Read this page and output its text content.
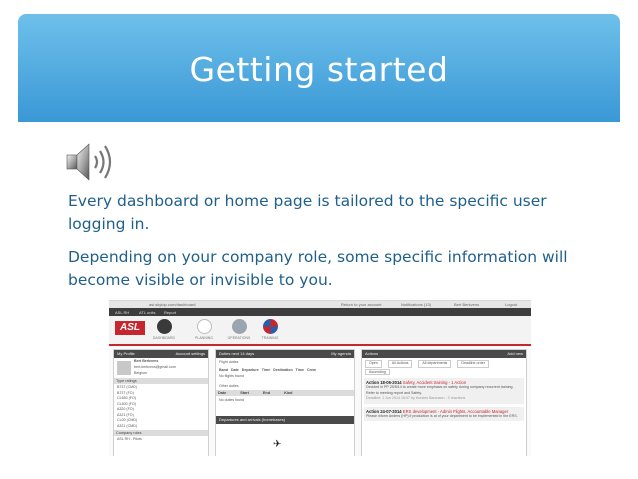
Getting started
Every dashboard or home page is tailored to the specific user logging in.
Depending on your company role, some specific information will become visible or invisible to you.
asl.skytop.com/dashboard	Return to your account	Notifications (13)	Bert Berkvens	Logout
ASL RH ATL units Report
ASL
DASHBOARD	PLANNING	OPERATIONS	TRAINING
My Profile	Account settings
Bert Berkvens
bert.berkvens@gmail.com
Belgium
Type ratings
B737 (CMD)
B737 (FO)
CL650 (FO)
CL600 (FO)
A320 (FO)
A321 (FO)
CL00 (CMD)
A321 (CMD)
Company roles
ASL RH - Pilots
Duties next 14 days	My agenda
Flight duties
Band Date Departure Time Destination Time Crew
No flights found
Other duties
Date	Start	End	Kind
No duties found
Departures and arrivals (homebases)
✈
Actions	Add new
Open	All Actions	All departments	Deadline order
Ascending
Action 18-06-2014 Safety, Accident training - 1 Action
Decided in PP 29/5/14 to create more emphasis on safety during company recurrent training. Refer to meeting report and Safety.
Deadline: 1 Jun 2014 16:57 by Kersten Baumann - 0 reactions
Action 24-07-2014 ERS development - Admin Flights, Accountable Manager
Please inform Anders (HP) if production is at of your department to be implemented in the ERS.
